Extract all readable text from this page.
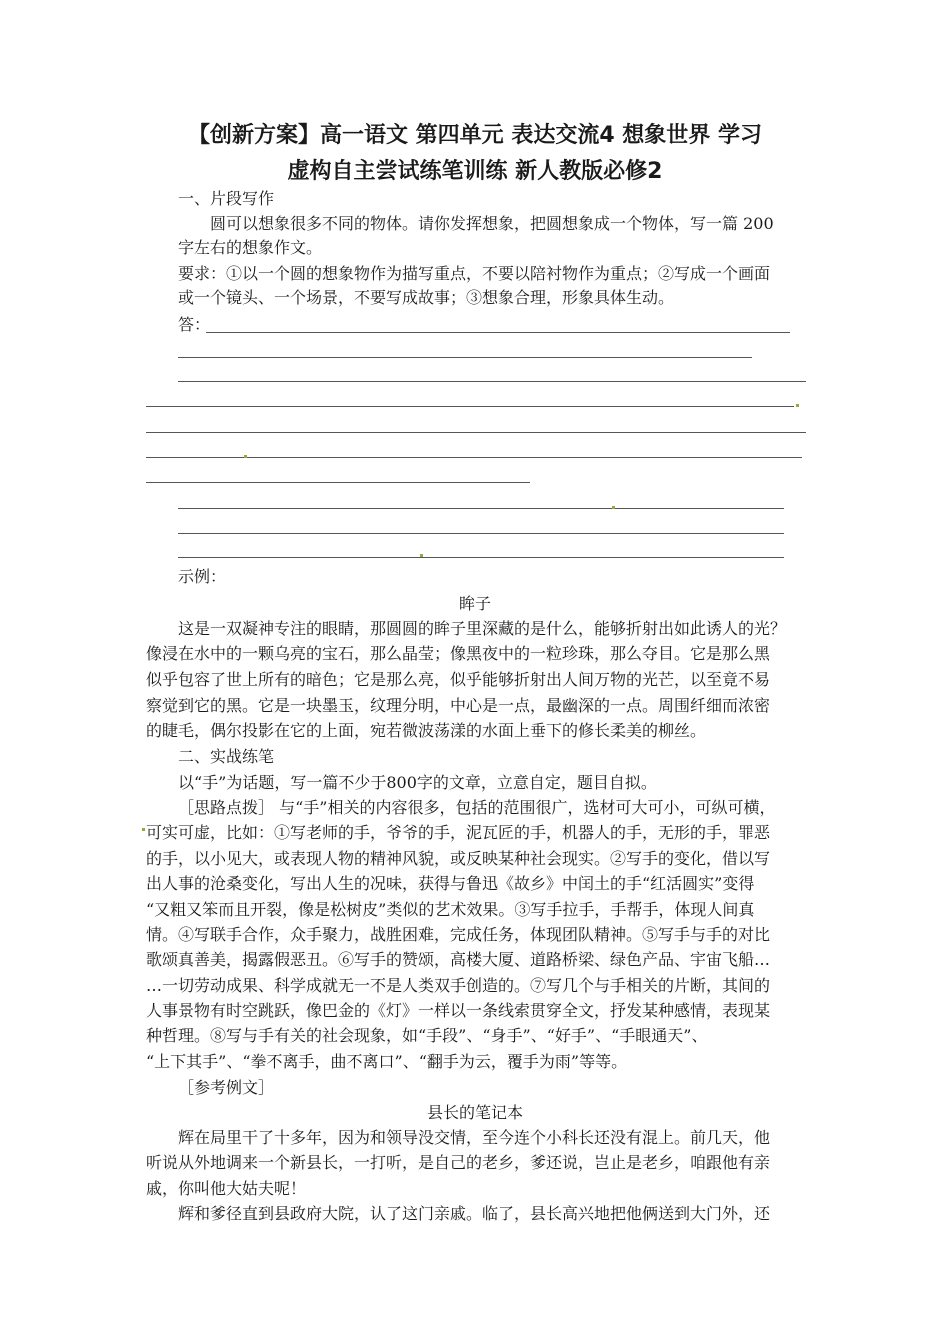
【创新方案】高一语文 第四单元 表达交流4 想象世界 学习
虚构自主尝试练笔训练 新人教版必修2
一、片段写作
圆可以想象很多不同的物体。请你发挥想象，把圆想象成一个物体，写一篇 200
字左右的想象作文。
要求：①以一个圆的想象物作为描写重点，不要以陪衬物作为重点；②写成一个画面
或一个镜头、一个场景，不要写成故事；③想象合理，形象具体生动。
答：
示例：
眸子
这是一双凝神专注的眼睛，那圆圆的眸子里深藏的是什么，能够折射出如此诱人的光？
像浸在水中的一颗乌亮的宝石，那么晶莹；像黑夜中的一粒珍珠，那么夺目。它是那么黑
似乎包容了世上所有的暗色；它是那么亮，似乎能够折射出人间万物的光芒，以至竟不易
察觉到它的黑。它是一块墨玉，纹理分明，中心是一点，最幽深的一点。周围纤细而浓密
的睫毛，偶尔投影在它的上面，宛若微波荡漾的水面上垂下的修长柔美的柳丝。
二、实战练笔
以“手”为话题，写一篇不少于800字的文章，立意自定，题目自拟。
［思路点拨］ 与“手”相关的内容很多，包括的范围很广，选材可大可小，可纵可横，
可实可虚，比如：①写老师的手，爷爷的手，泥瓦匠的手，机器人的手，无形的手，罪恶
的手，以小见大，或表现人物的精神风貌，或反映某种社会现实。②写手的变化，借以写
出人事的沧桑变化，写出人生的况味，获得与鲁迅《故乡》中闰土的手“红活圆实”变得
“又粗又笨而且开裂，像是松树皮”类似的艺术效果。③写手拉手，手帮手，体现人间真
情。④写联手合作，众手聚力，战胜困难，完成任务，体现团队精神。⑤写手与手的对比
歌颂真善美，揭露假恶丑。⑥写手的赞颂，高楼大厦、道路桥梁、绿色产品、宇宙飞船…
…一切劳动成果、科学成就无一不是人类双手创造的。⑦写几个与手相关的片断，其间的
人事景物有时空跳跃，像巴金的《灯》一样以一条线索贯穿全文，抒发某种感情，表现某
种哲理。⑧写与手有关的社会现象，如“手段”、“身手”、“好手”、“手眼通天”、
“上下其手”、“拳不离手，曲不离口”、“翻手为云，覆手为雨”等等。
［参考例文］
县长的笔记本
辉在局里干了十多年，因为和领导没交情，至今连个小科长还没有混上。前几天，他
听说从外地调来一个新县长，一打听，是自己的老乡，爹还说，岂止是老乡，咱跟他有亲
戚，你叫他大姑夫呢！
辉和爹径直到县政府大院，认了这门亲戚。临了，县长高兴地把他俩送到大门外，还
